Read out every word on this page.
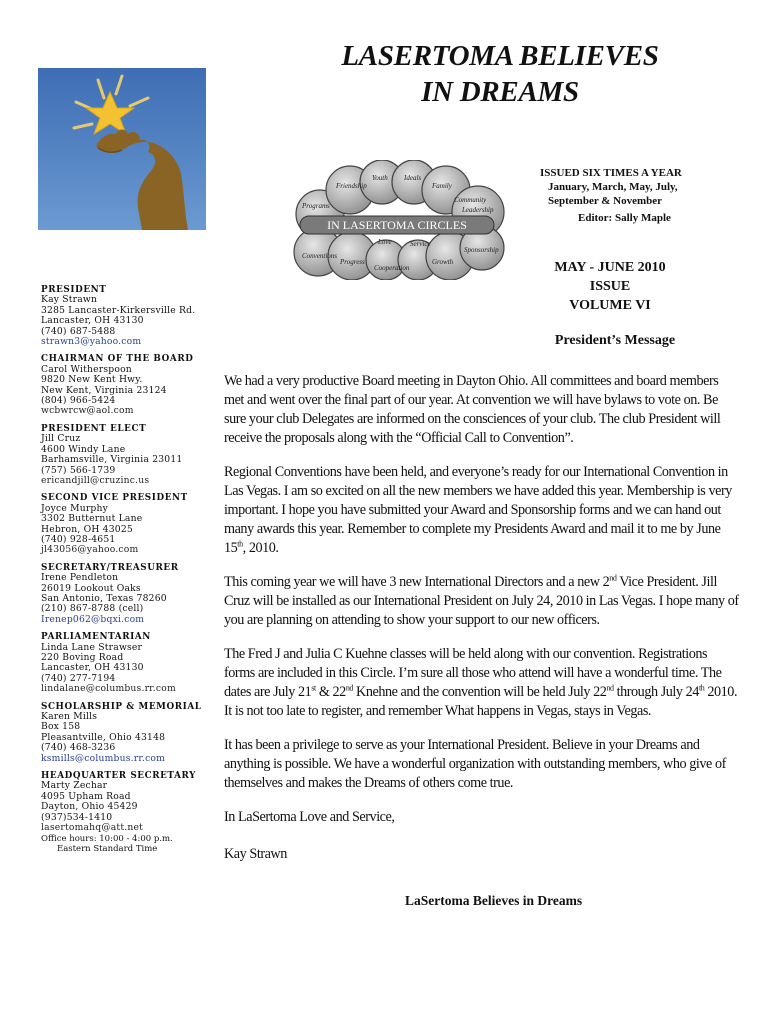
LASERTOMA BELIEVES
IN DREAMS
IN LASERTOMA CIRCLES
Programs
Friendship
Youth Ideals
Family
Community
Leadership
Love	Service
Sponsorship
Conventions
Progress
Cooperation
Growth
ISSUED SIX TIMES A YEAR
January, March, May, July,
September & November
Editor: Sally Maple
MAY - JUNE 2010
ISSUE
VOLUME VI
President’s Message
PRESIDENT
Kay Strawn
3285 Lancaster-Kirkersville Rd.
Lancaster, OH 43130
(740) 687-5488
strawn3@yahoo.com
CHAIRMAN OF THE BOARD
Carol Witherspoon
9820 New Kent Hwy.
New Kent, Virginia 23124
(804) 966-5424
wcbwrcw@aol.com
PRESIDENT ELECT
Jill Cruz
4600 Windy Lane
Barhamsville, Virginia 23011
(757) 566-1739
ericandjill@cruzinc.us
SECOND VICE PRESIDENT
Joyce Murphy
3302 Butternut Lane
Hebron, OH 43025
(740) 928-4651
jl43056@yahoo.com
SECRETARY/TREASURER
Irene Pendleton
26019 Lookout Oaks
San Antonio, Texas 78260
(210) 867-8788 (cell)
Irenep062@bqxi.com
PARLIAMENTARIAN
Linda Lane Strawser
220 Boving Road
Lancaster, OH 43130
(740) 277-7194
lindalane@columbus.rr.com
SCHOLARSHIP & MEMORIAL
Karen Mills
Box 158
Pleasantville, Ohio 43148
(740) 468-3236
ksmills@columbus.rr.com
HEADQUARTER SECRETARY
Marty Zechar
4095 Upham Road
Dayton, Ohio 45429
(937)534-1410
lasertomahq@att.net
Office hours: 10:00 - 4:00 p.m.
Eastern Standard Time

We had a very productive Board meeting in Dayton Ohio. All committees and board members met and went over the final part of our year. At convention we will have bylaws to vote on. Be sure your club Delegates are informed on the consciences of your club. The club President will receive the proposals along with the “Official Call to Convention”.

Regional Conventions have been held, and everyone’s ready for our International Convention in Las Vegas. I am so excited on all the new members we have added this year. Membership is very important. I hope you have submitted your Award and Sponsorship forms and we can hand out many awards this year. Remember to complete my Presidents Award and mail it to me by June 15th, 2010.

This coming year we will have 3 new International Directors and a new 2nd Vice President. Jill Cruz will be installed as our International President on July 24, 2010 in Las Vegas. I hope many of you are planning on attending to show your support to our new officers.

The Fred J and Julia C Kuehne classes will be held along with our convention. Registrations forms are included in this Circle. I’m sure all those who attend will have a wonderful time. The dates are July 21st & 22nd Knehne and the convention will be held July 22nd through July 24th 2010. It is not too late to register, and remember What happens in Vegas, stays in Vegas.

It has been a privilege to serve as your International President. Believe in your Dreams and anything is possible. We have a wonderful organization with outstanding members, who give of themselves and makes the Dreams of others come true.

In LaSertoma Love and Service,

Kay Strawn
LaSertoma Believes in Dreams
